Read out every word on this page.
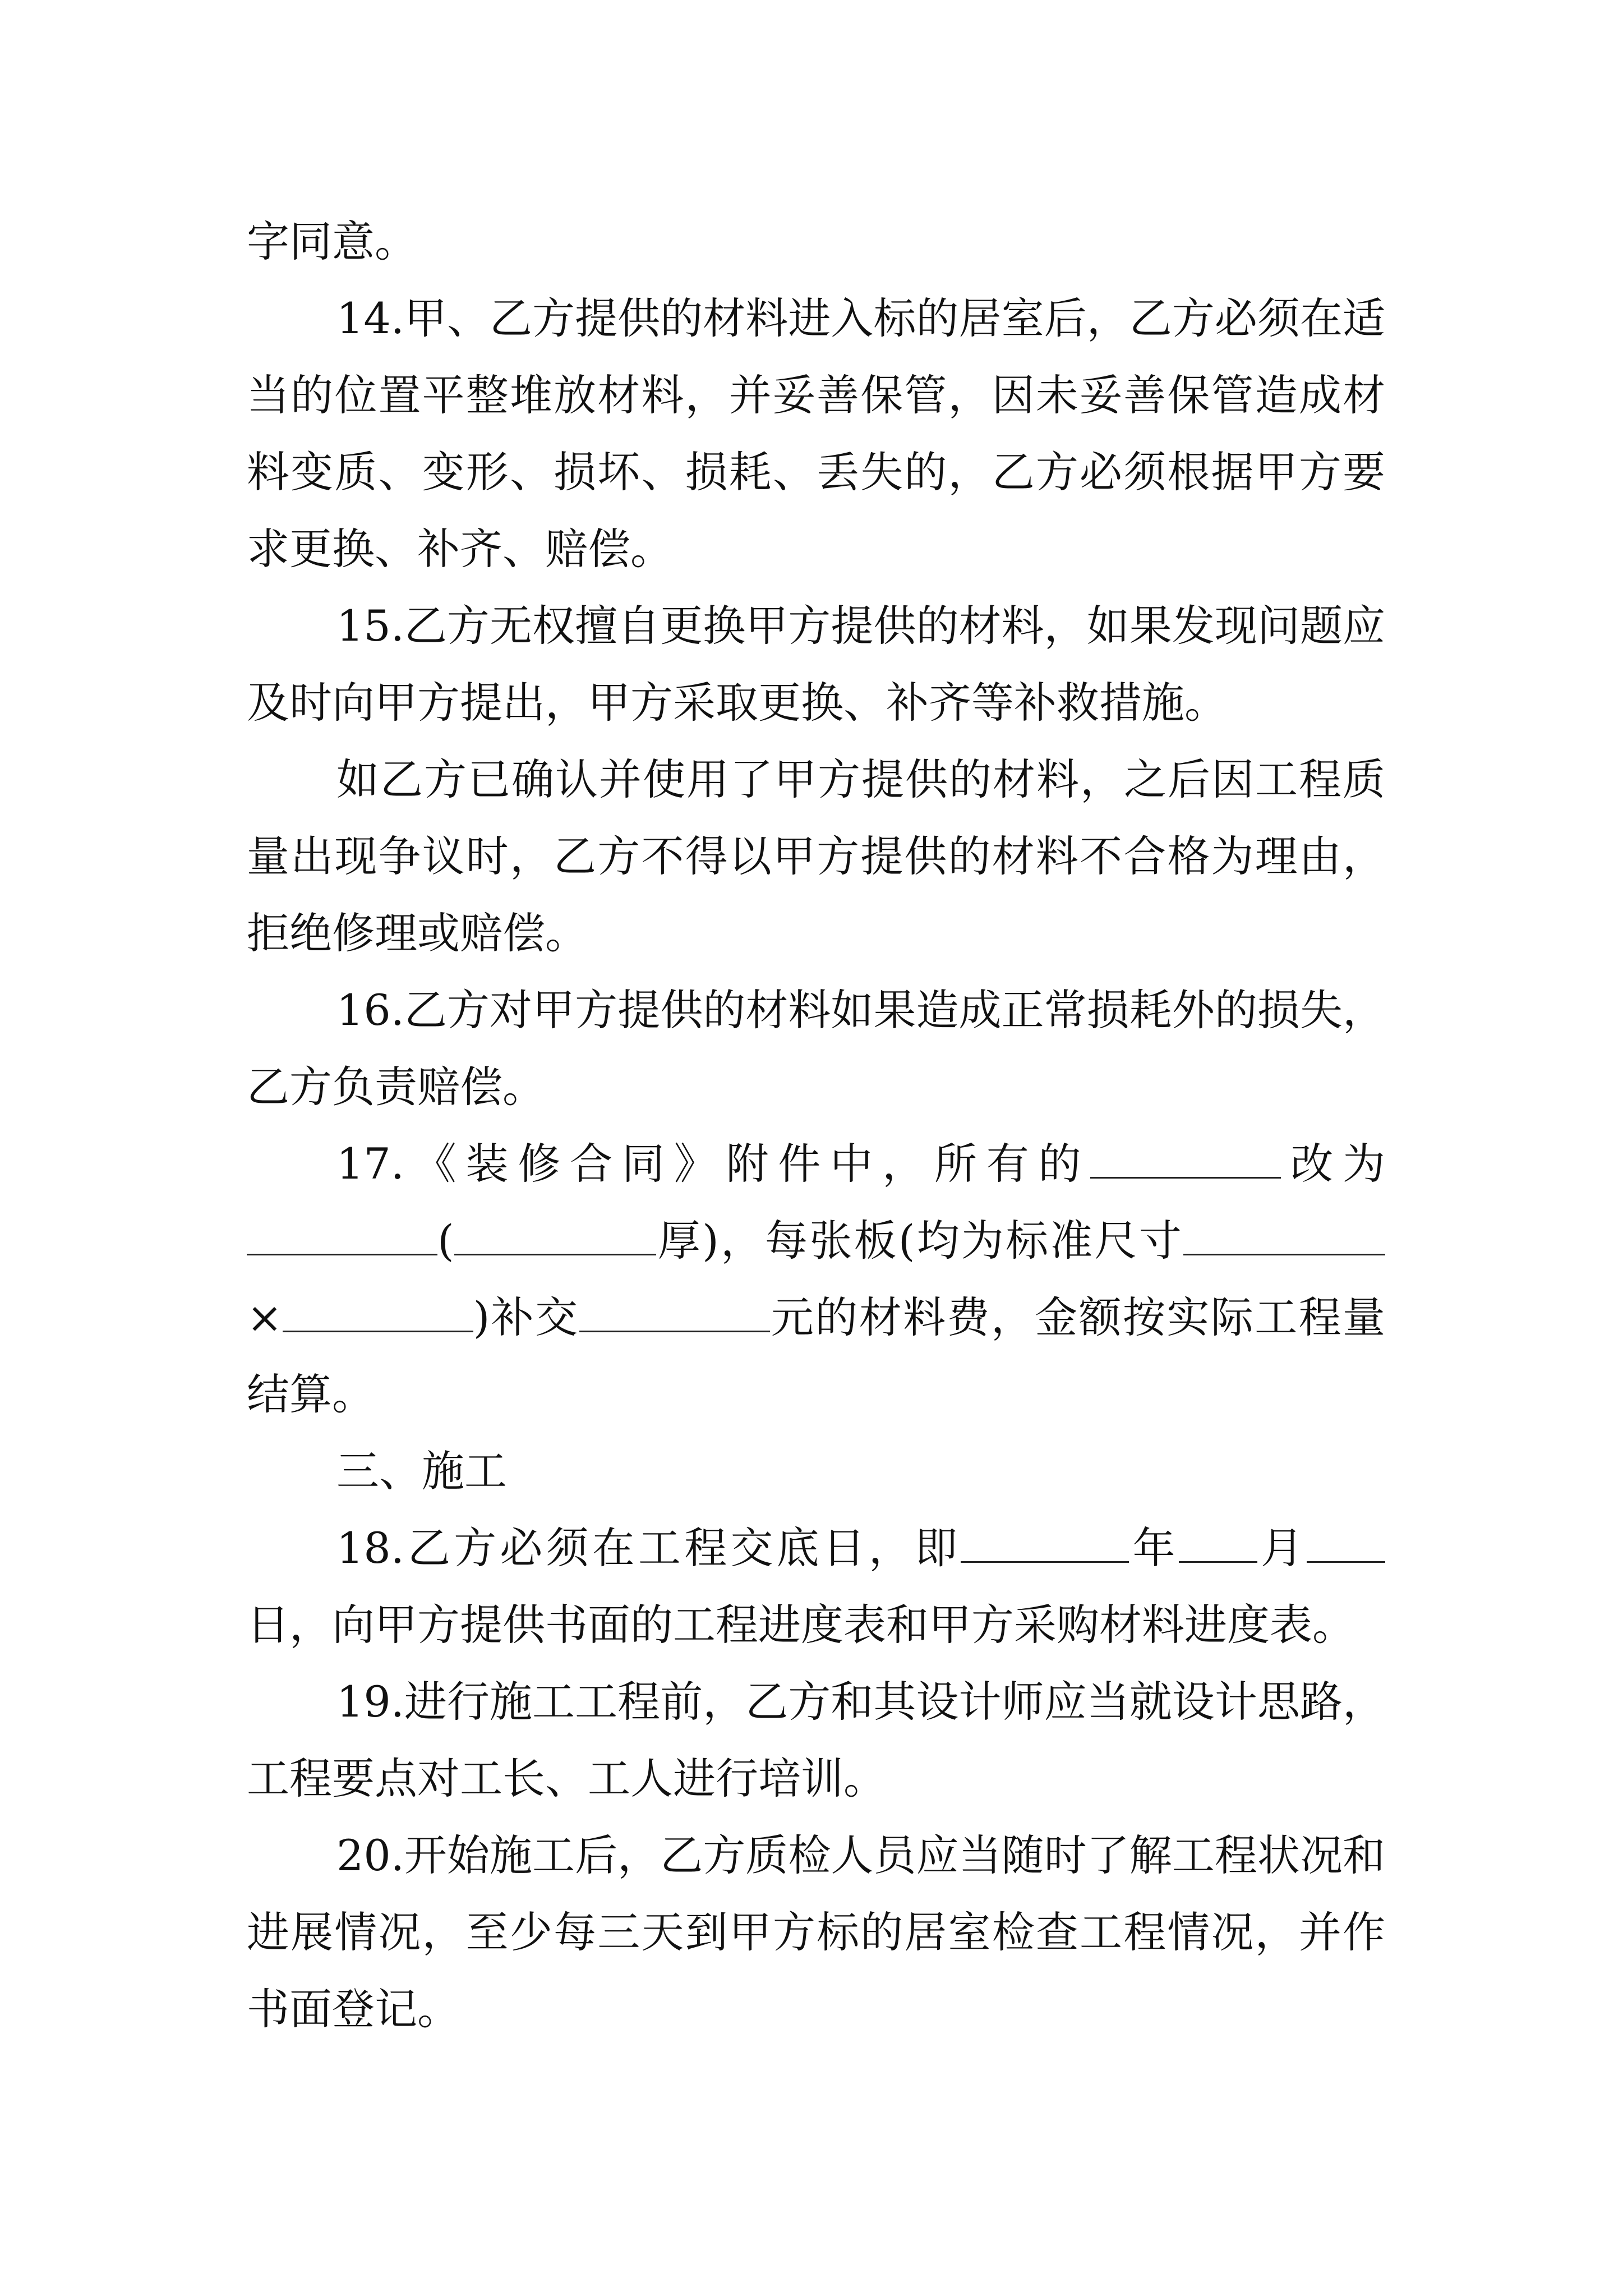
字同意。

14.甲、乙方提供的材料进入标的居室后，乙方必须在适当的位置平整堆放材料，并妥善保管，因未妥善保管造成材料变质、变形、损坏、损耗、丢失的，乙方必须根据甲方要求更换、补齐、赔偿。

15.乙方无权擅自更换甲方提供的材料，如果发现问题应及时向甲方提出，甲方采取更换、补齐等补救措施。

如乙方已确认并使用了甲方提供的材料，之后因工程质量出现争议时，乙方不得以甲方提供的材料不合格为理由，拒绝修理或赔偿。

16.乙方对甲方提供的材料如果造成正常损耗外的损失，乙方负责赔偿。

17.《装修合同》附件中，所有的	改为(	厚)，每张板(均为标准尺寸×	)补交	元的材料费，金额按实际工程量结算。

三、施工

18.乙方必须在工程交底日，即	年 月日，向甲方提供书面的工程进度表和甲方采购材料进度表。

19.进行施工工程前，乙方和其设计师应当就设计思路，工程要点对工长、工人进行培训。

20.开始施工后，乙方质检人员应当随时了解工程状况和进展情况，至少每三天到甲方标的居室检查工程情况，并作书面登记。
